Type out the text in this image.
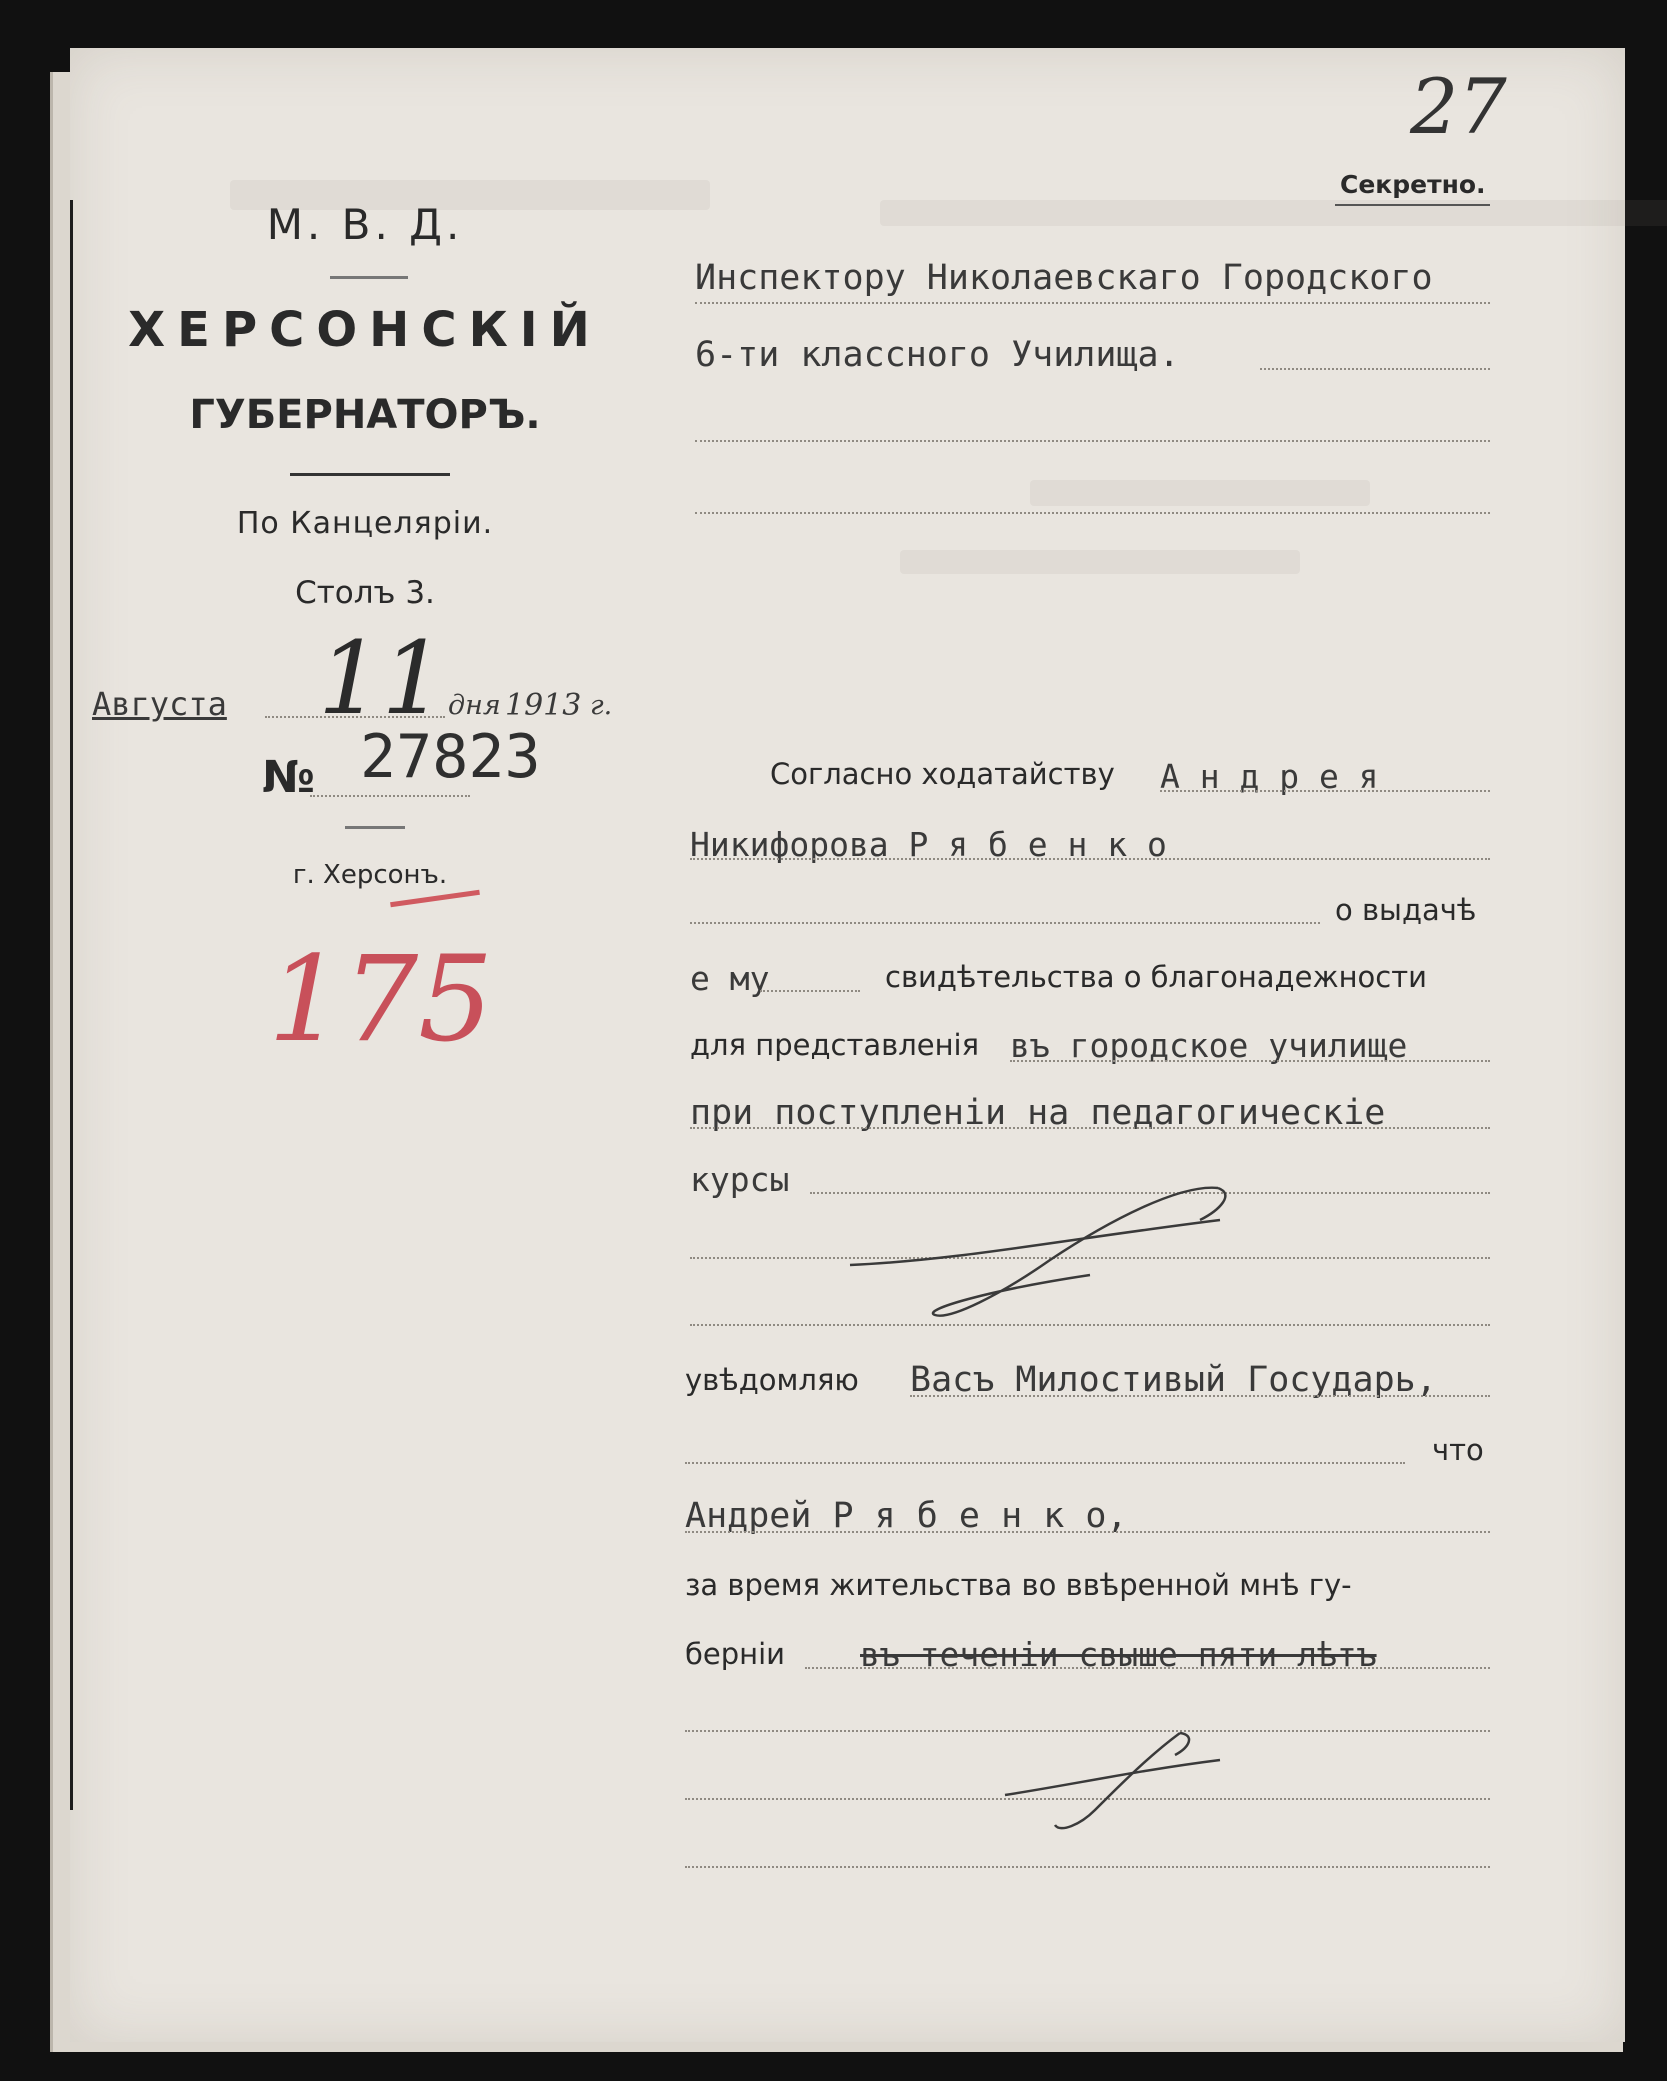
М. В. Д.
ХЕРСОНСКІЙ
ГУБЕРНАТОРЪ.
По Канцеляріи.
Столъ 3.
Августа 11 дня 1913 г.
№ 27823
г. Херсонъ.
175
27
Секретно.
Инспектору Николаевскаго Городского
6-ти классного Училища.
Согласно ходатайству А н д р е я
Никифорова Р я б е н к о
о выдачѣ
е му	свидѣтельства о благонадежности
для представленія въ городское училище
при поступленіи на педагогическіе
курсы
увѣдомляю Васъ Милостивый Государь,
что
Андрей Р я б е н к о,
за время жительства во ввѣренной мнѣ гу-
берніи въ теченіи свыше пяти лѣтъ
